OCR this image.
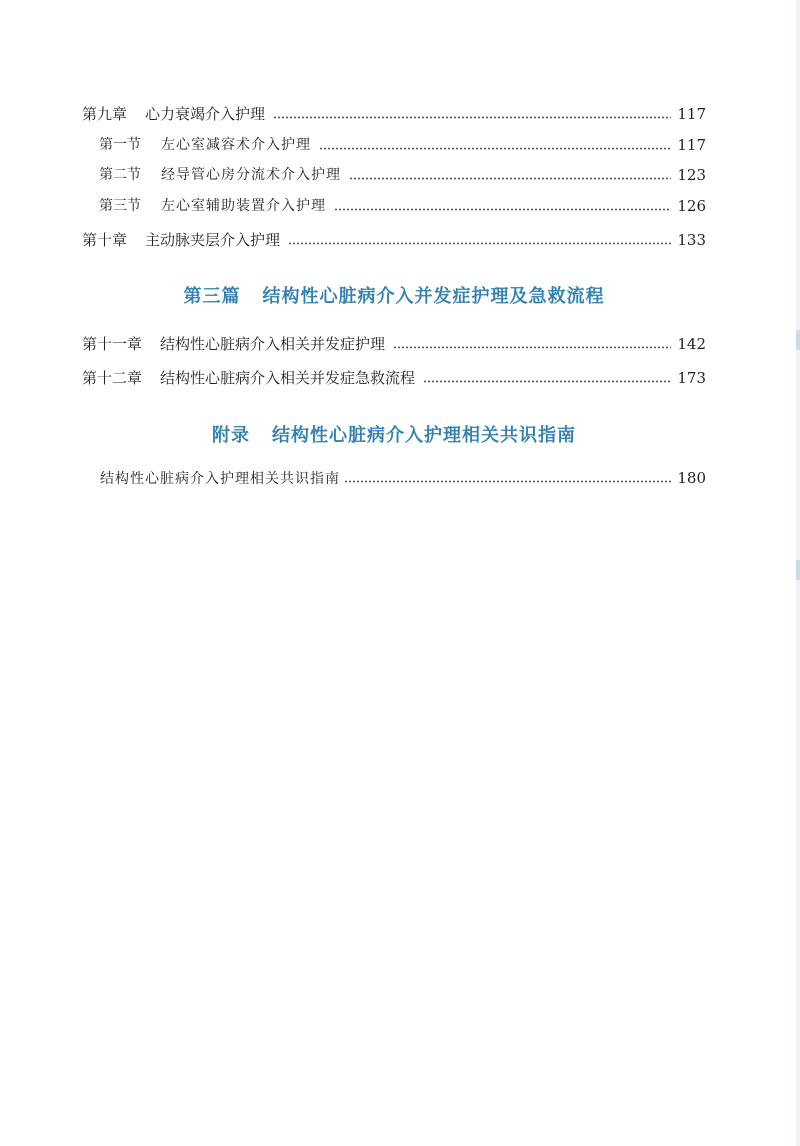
第九章 心力衰竭介入护理	117
第一节 左心室减容术介入护理	117
第二节 经导管心房分流术介入护理	123
第三节 左心室辅助装置介入护理	126
第十章 主动脉夹层介入护理	133
第三篇 结构性心脏病介入并发症护理及急救流程
第十一章 结构性心脏病介入相关并发症护理	142
第十二章 结构性心脏病介入相关并发症急救流程	173
附录 结构性心脏病介入护理相关共识指南
结构性心脏病介入护理相关共识指南	180
